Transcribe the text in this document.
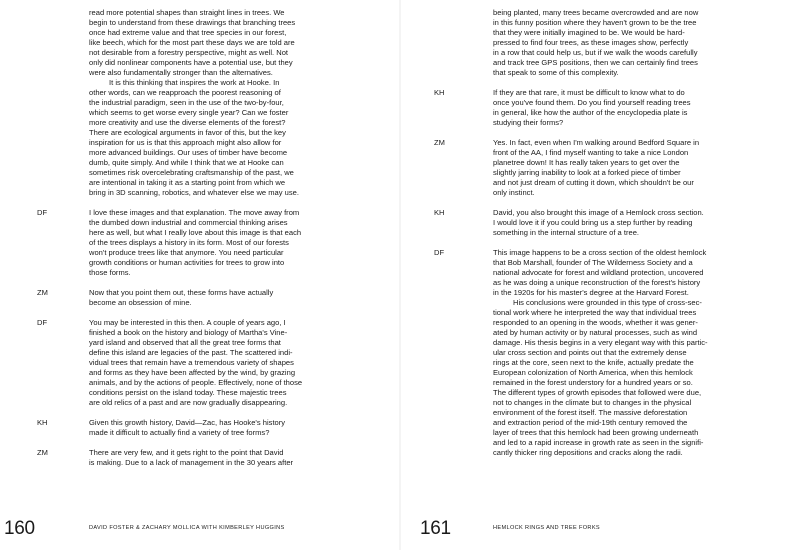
read more potential shapes than straight lines in trees. We
begin to understand from these drawings that branching trees
once had extreme value and that tree species in our forest,
like beech, which for the most part these days we are told are
not desirable from a forestry perspective, might as well. Not
only did nonlinear components have a potential use, but they
were also fundamentally stronger than the alternatives.
It is this thinking that inspires the work at Hooke. In
other words, can we reapproach the poorest reasoning of
the industrial paradigm, seen in the use of the two-by-four,
which seems to get worse every single year? Can we foster
more creativity and use the diverse elements of the forest?
There are ecological arguments in favor of this, but the key
inspiration for us is that this approach might also allow for
more advanced buildings. Our uses of timber have become
dumb, quite simply. And while I think that we at Hooke can
sometimes risk overcelebrating craftsmanship of the past, we
are intentional in taking it as a starting point from which we
bring in 3D scanning, robotics, and whatever else we may use.
DF	I love these images and that explanation. The move away from
the dumbed down industrial and commercial thinking arises
here as well, but what I really love about this image is that each
of the trees displays a history in its form. Most of our forests
won't produce trees like that anymore. You need particular
growth conditions or human activities for trees to grow into
those forms.
ZM	Now that you point them out, these forms have actually
become an obsession of mine.
DF	You may be interested in this then. A couple of years ago, I
finished a book on the history and biology of Martha's Vine-
yard island and observed that all the great tree forms that
define this island are legacies of the past. The scattered indi-
vidual trees that remain have a tremendous variety of shapes
and forms as they have been affected by the wind, by grazing
animals, and by the actions of people. Effectively, none of those
conditions persist on the island today. These majestic trees
are old relics of a past and are now gradually disappearing.
KH	Given this growth history, David—Zac, has Hooke's history
made it difficult to actually find a variety of tree forms?
ZM	There are very few, and it gets right to the point that David
is making. Due to a lack of management in the 30 years after
160	DAVID FOSTER & ZACHARY MOLLICA WITH KIMBERLEY HUGGINS
being planted, many trees became overcrowded and are now
in this funny position where they haven't grown to be the tree
that they were initially imagined to be. We would be hard-
pressed to find four trees, as these images show, perfectly
in a row that could help us, but if we walk the woods carefully
and track tree GPS positions, then we can certainly find trees
that speak to some of this complexity.
KH	If they are that rare, it must be difficult to know what to do
once you've found them. Do you find yourself reading trees
in general, like how the author of the encyclopedia plate is
studying their forms?
ZM	Yes. In fact, even when I'm walking around Bedford Square in
front of the AA, I find myself wanting to take a nice London
planetree down! It has really taken years to get over the
slightly jarring inability to look at a forked piece of timber
and not just dream of cutting it down, which shouldn't be our
only instinct.
KH	David, you also brought this image of a Hemlock cross section.
I would love it if you could bring us a step further by reading
something in the internal structure of a tree.
DF	This image happens to be a cross section of the oldest hemlock
that Bob Marshall, founder of The Wilderness Society and a
national advocate for forest and wildland protection, uncovered
as he was doing a unique reconstruction of the forest's history
in the 1920s for his master's degree at the Harvard Forest.
His conclusions were grounded in this type of cross-sec-
tional work where he interpreted the way that individual trees
responded to an opening in the woods, whether it was gener-
ated by human activity or by natural processes, such as wind
damage. His thesis begins in a very elegant way with this partic-
ular cross section and points out that the extremely dense
rings at the core, seen next to the knife, actually predate the
European colonization of North America, when this hemlock
remained in the forest understory for a hundred years or so.
The different types of growth episodes that followed were due,
not to changes in the climate but to changes in the physical
environment of the forest itself. The massive deforestation
and extraction period of the mid-19th century removed the
layer of trees that this hemlock had been growing underneath
and led to a rapid increase in growth rate as seen in the signifi-
cantly thicker ring depositions and cracks along the radii.
161	HEMLOCK RINGS AND TREE FORKS
